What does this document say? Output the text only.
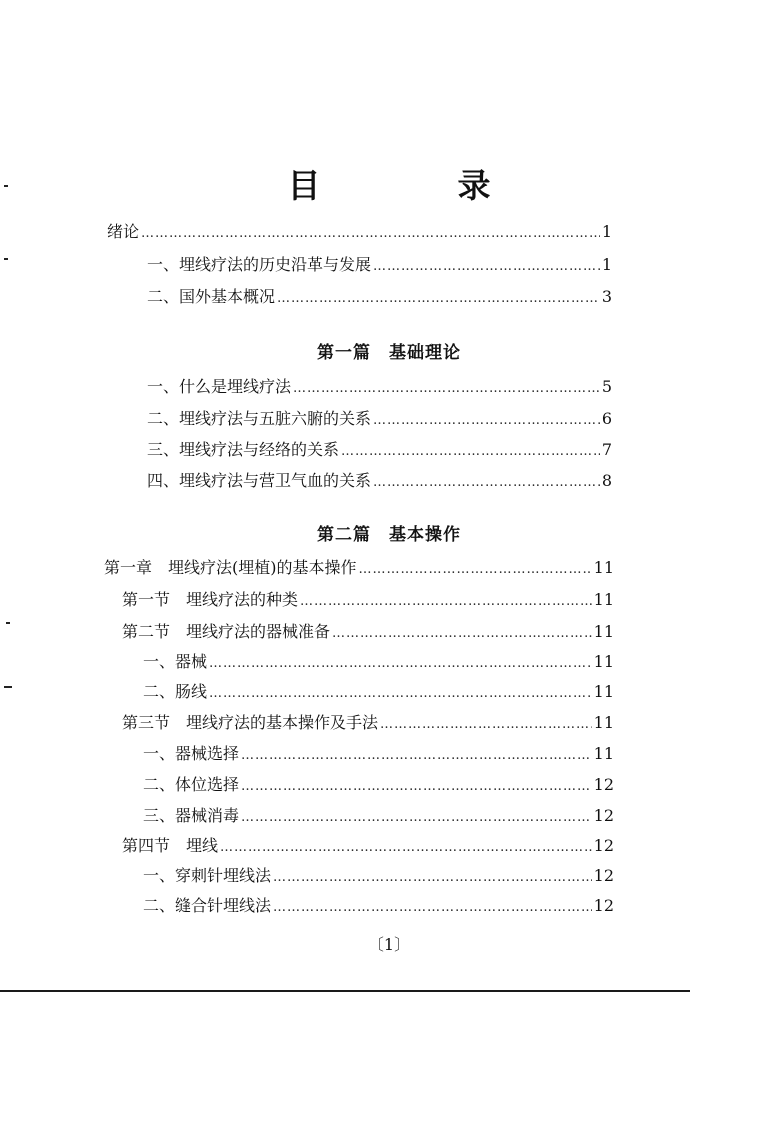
目　录
绪论 ……………………………………………………………………………………………………………………………………………………………………	1
一、埋线疗法的历史沿革与发展 ……………………………………………………………………………………………………………………………………………………………………	1
二、国外基本概况 ……………………………………………………………………………………………………………………………………………………………………	3
第一篇　基础理论
一、什么是埋线疗法 ……………………………………………………………………………………………………………………………………………………………………	5
二、埋线疗法与五脏六腑的关系 ……………………………………………………………………………………………………………………………………………………………………	6
三、埋线疗法与经络的关系 ……………………………………………………………………………………………………………………………………………………………………	7
四、埋线疗法与营卫气血的关系 ……………………………………………………………………………………………………………………………………………………………………	8
第二篇　基本操作
第一章　埋线疗法(埋植)的基本操作 ……………………………………………………………………………………………………………………………………………………………………	11
第一节　埋线疗法的种类 ……………………………………………………………………………………………………………………………………………………………………	11
第二节　埋线疗法的器械准备 ……………………………………………………………………………………………………………………………………………………………………	11
一、器械 ……………………………………………………………………………………………………………………………………………………………………	11
二、肠线 ……………………………………………………………………………………………………………………………………………………………………	11
第三节　埋线疗法的基本操作及手法 ……………………………………………………………………………………………………………………………………………………………………	11
一、器械选择 ……………………………………………………………………………………………………………………………………………………………………	11
二、体位选择 ……………………………………………………………………………………………………………………………………………………………………	12
三、器械消毒 ……………………………………………………………………………………………………………………………………………………………………	12
第四节　埋线 ……………………………………………………………………………………………………………………………………………………………………	12
一、穿刺针埋线法 ……………………………………………………………………………………………………………………………………………………………………	12
二、缝合针埋线法 ……………………………………………………………………………………………………………………………………………………………………	12
〔1〕
